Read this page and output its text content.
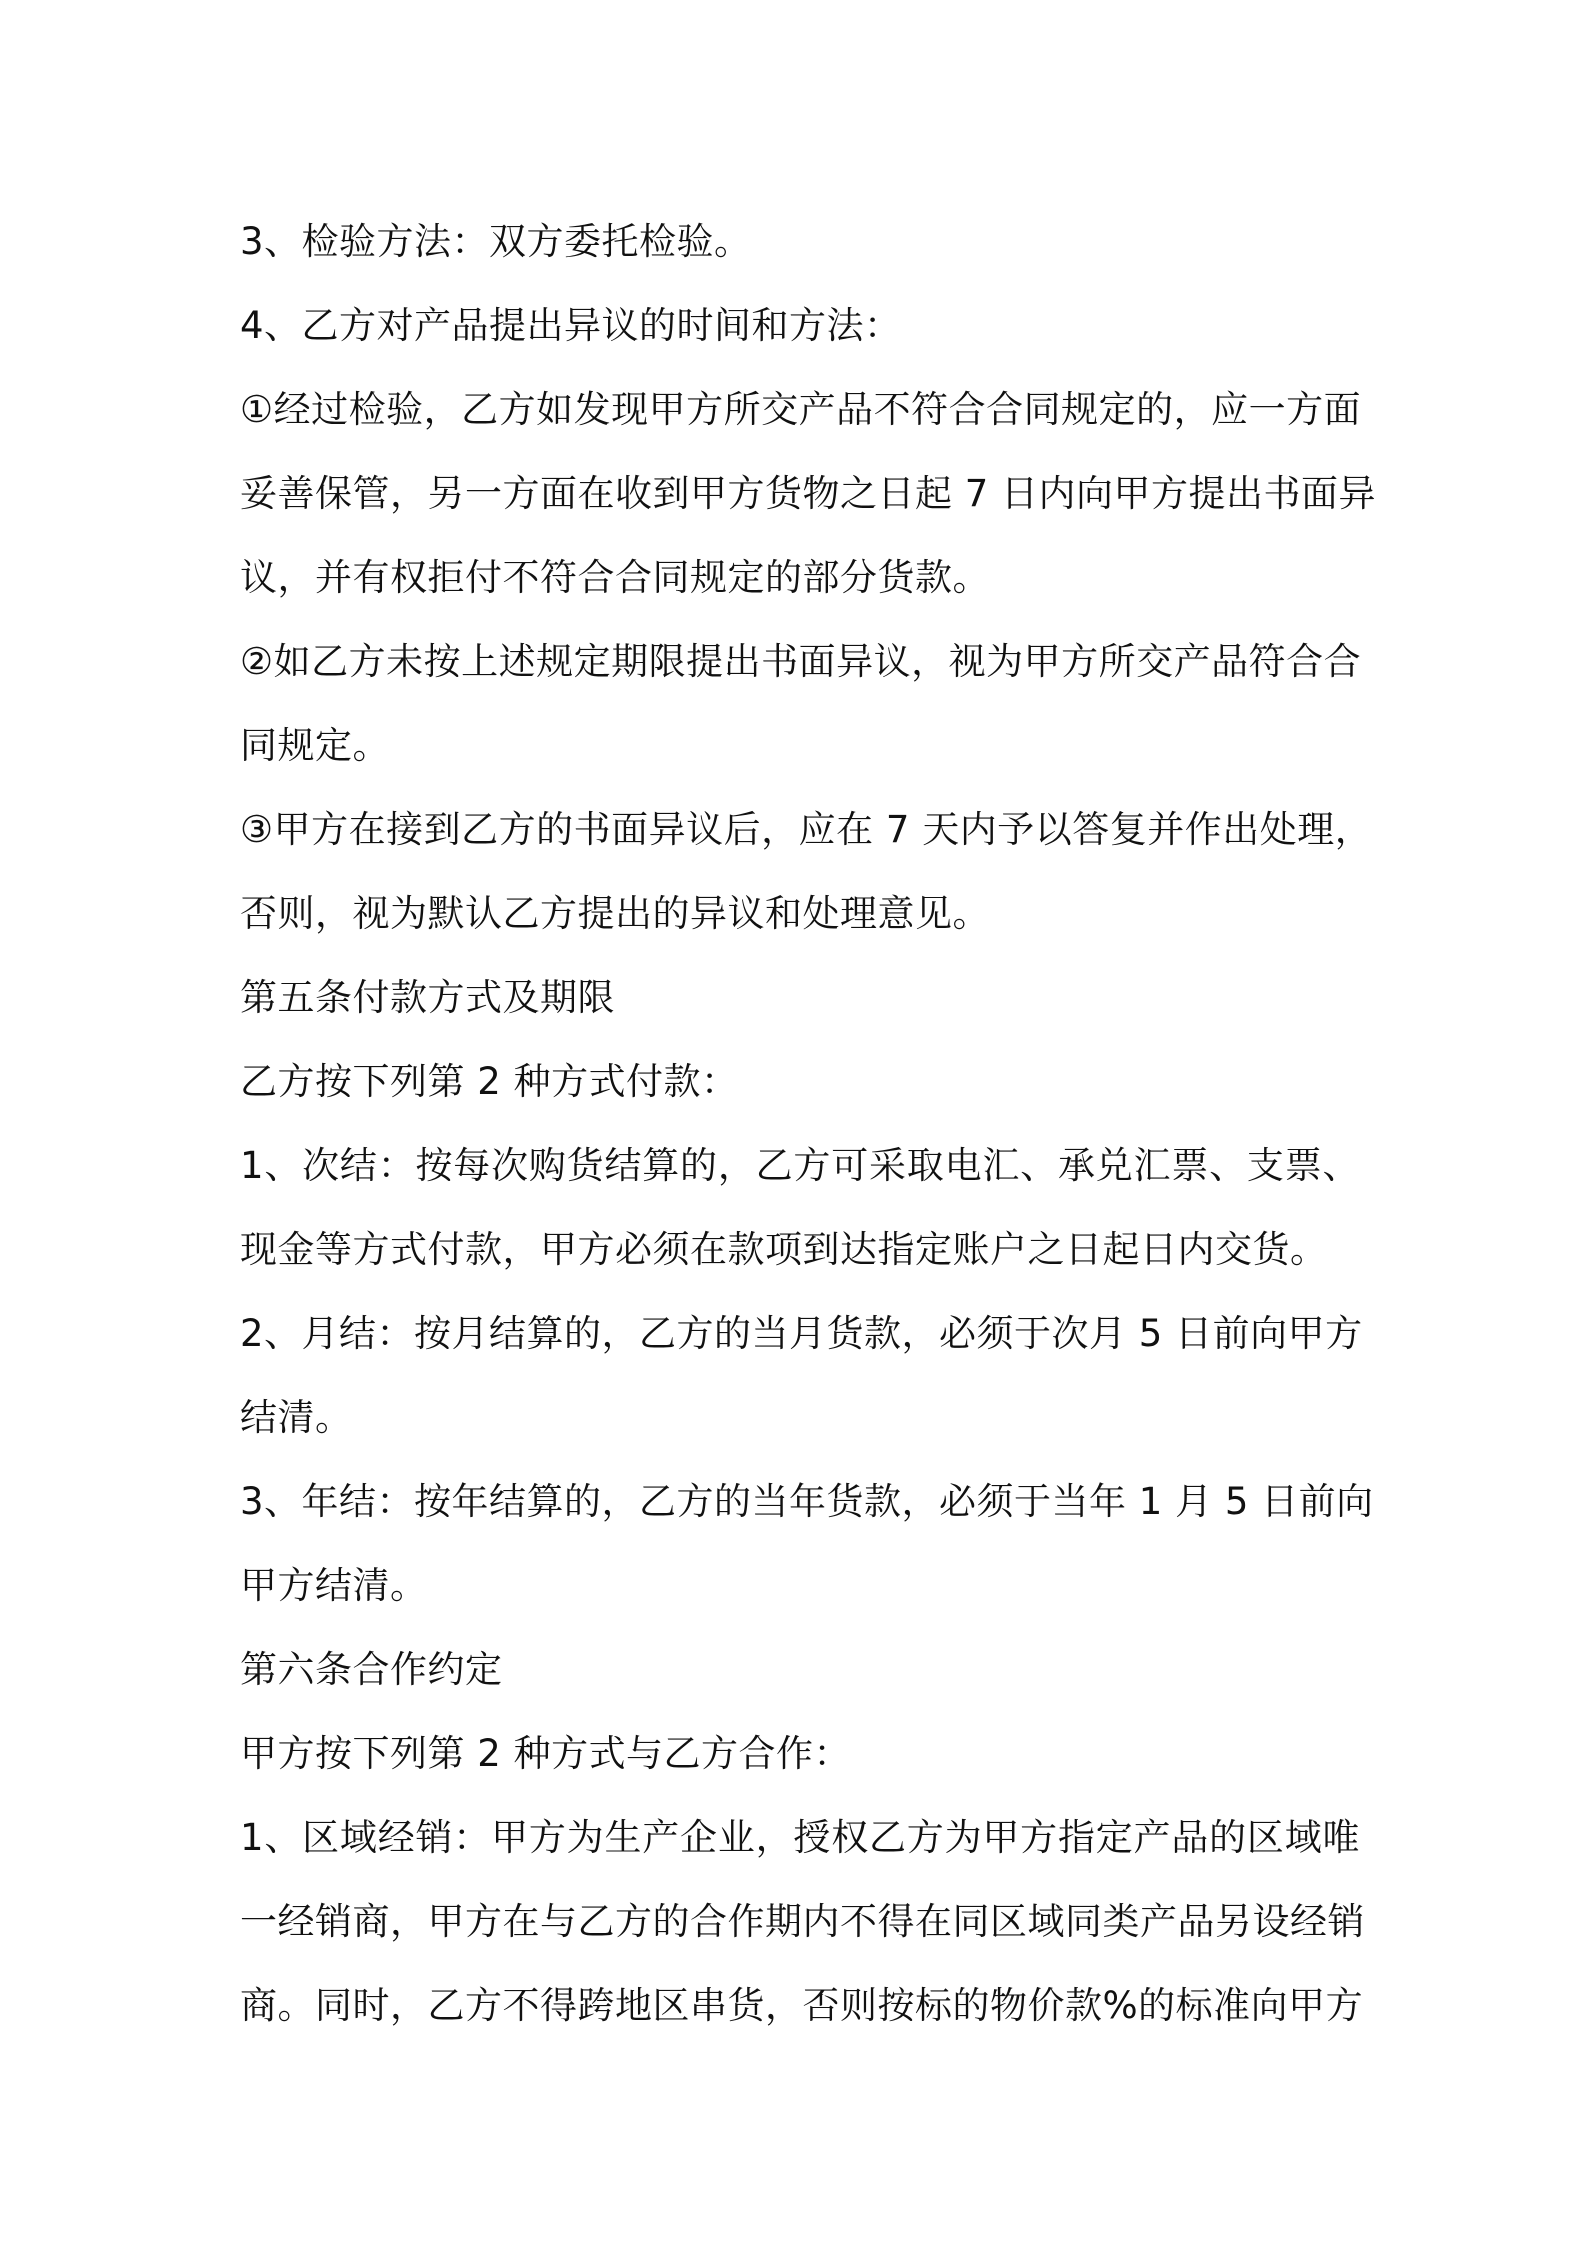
3、检验方法：双方委托检验。
4、乙方对产品提出异议的时间和方法：
①经过检验，乙方如发现甲方所交产品不符合合同规定的，应一方面
妥善保管，另一方面在收到甲方货物之日起 7 日内向甲方提出书面异
议，并有权拒付不符合合同规定的部分货款。
②如乙方未按上述规定期限提出书面异议，视为甲方所交产品符合合
同规定。
③甲方在接到乙方的书面异议后，应在 7 天内予以答复并作出处理，
否则，视为默认乙方提出的异议和处理意见。
第五条付款方式及期限
乙方按下列第 2 种方式付款：
1、次结：按每次购货结算的，乙方可采取电汇、承兑汇票、支票、
现金等方式付款，甲方必须在款项到达指定账户之日起日内交货。
2、月结：按月结算的，乙方的当月货款，必须于次月 5 日前向甲方
结清。
3、年结：按年结算的，乙方的当年货款，必须于当年 1 月 5 日前向
甲方结清。
第六条合作约定
甲方按下列第 2 种方式与乙方合作：
1、区域经销：甲方为生产企业，授权乙方为甲方指定产品的区域唯
一经销商，甲方在与乙方的合作期内不得在同区域同类产品另设经销
商。同时，乙方不得跨地区串货，否则按标的物价款%的标准向甲方
